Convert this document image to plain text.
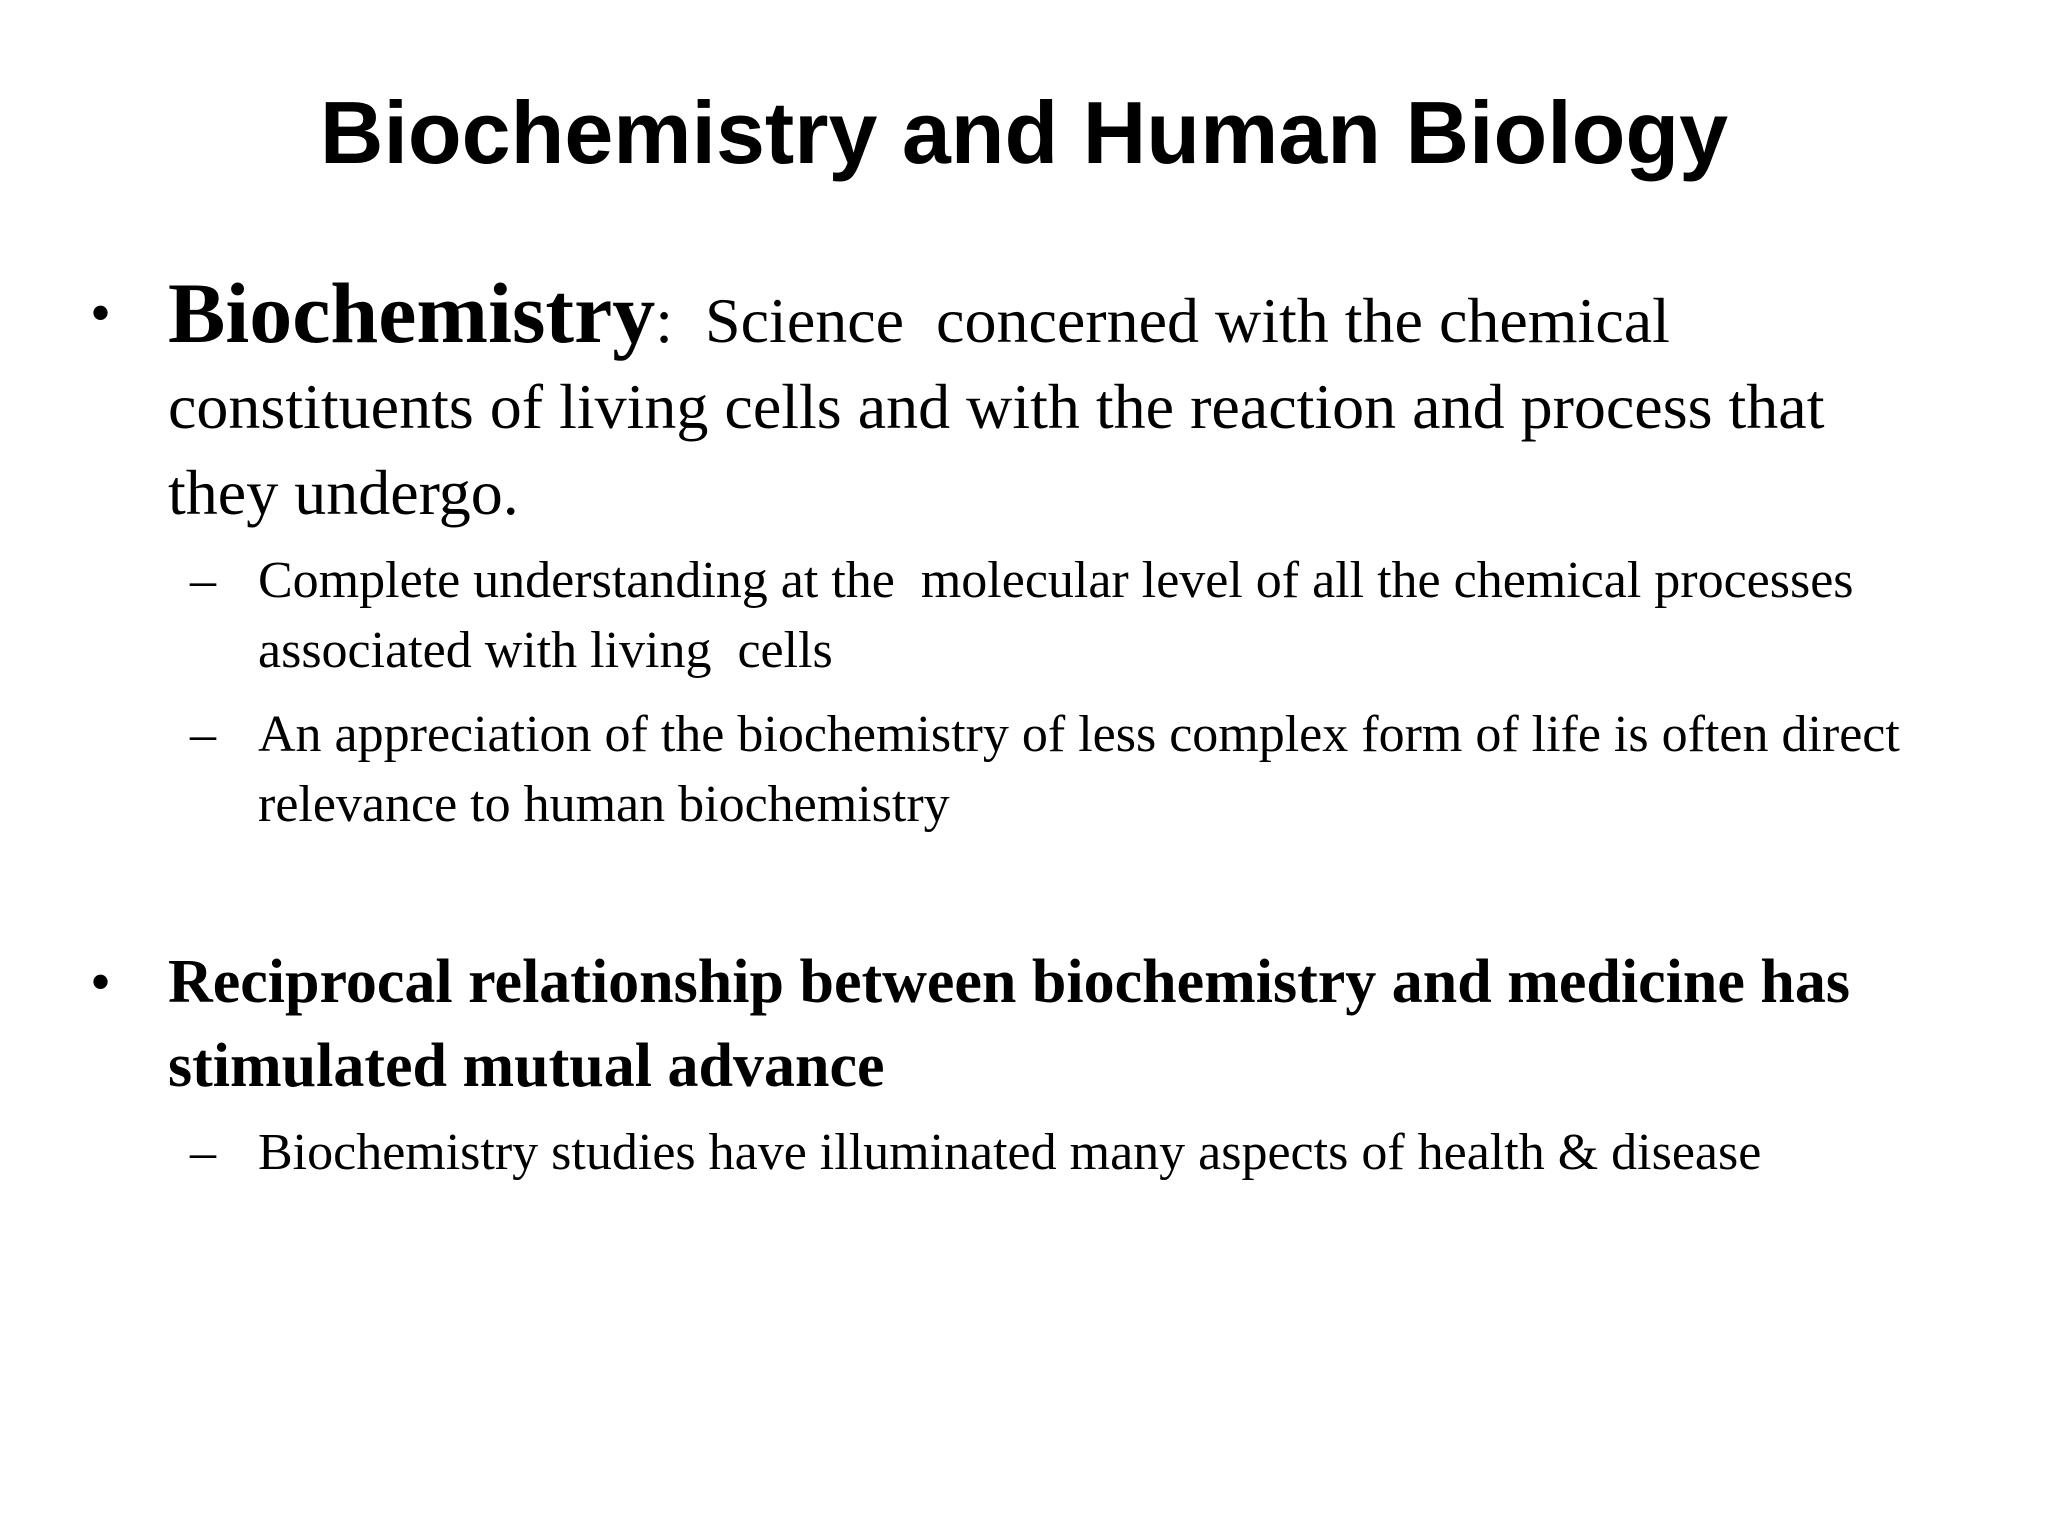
Biochemistry and Human Biology
• Biochemistry:  Science  concerned with the chemical constituents of living cells and with the reaction and process that they undergo.
– Complete understanding at the  molecular level of all the chemical processes associated with living  cells
– An appreciation of the biochemistry of less complex form of life is often direct relevance to human biochemistry
• Reciprocal relationship between biochemistry and medicine has stimulated mutual advance
– Biochemistry studies have illuminated many aspects of health & disease
